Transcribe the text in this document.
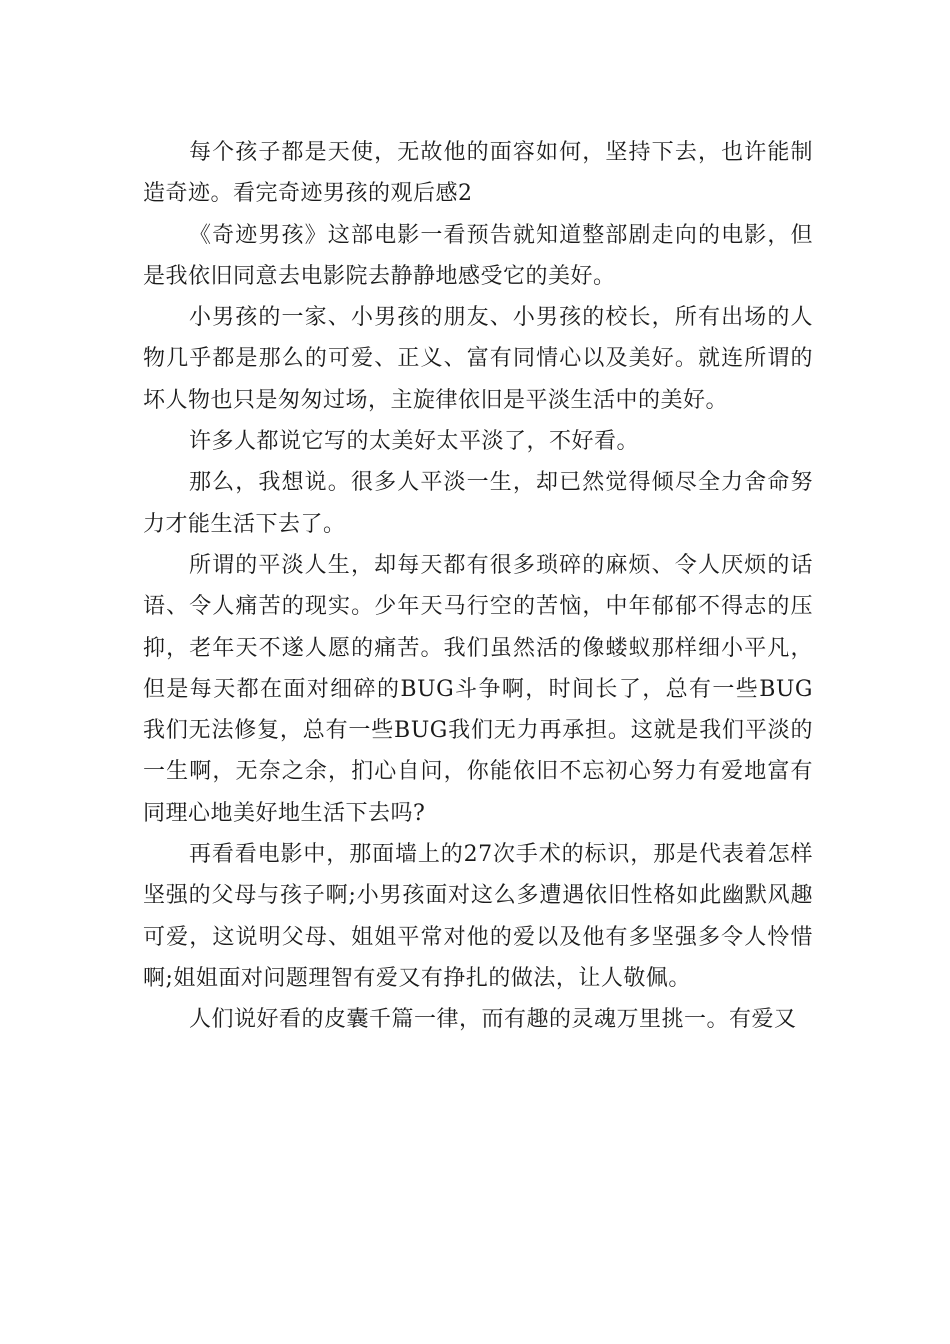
每个孩子都是天使，无故他的面容如何，坚持下去，也许能制造奇迹。看完奇迹男孩的观后感2

《奇迹男孩》这部电影一看预告就知道整部剧走向的电影，但是我依旧同意去电影院去静静地感受它的美好。

小男孩的一家、小男孩的朋友、小男孩的校长，所有出场的人物几乎都是那么的可爱、正义、富有同情心以及美好。就连所谓的坏人物也只是匆匆过场，主旋律依旧是平淡生活中的美好。

许多人都说它写的太美好太平淡了，不好看。

那么，我想说。很多人平淡一生，却已然觉得倾尽全力舍命努力才能生活下去了。

所谓的平淡人生，却每天都有很多琐碎的麻烦、令人厌烦的话语、令人痛苦的现实。少年天马行空的苦恼，中年郁郁不得志的压抑，老年天不遂人愿的痛苦。我们虽然活的像蝼蚁那样细小平凡，但是每天都在面对细碎的BUG斗争啊，时间长了，总有一些BUG我们无法修复，总有一些BUG我们无力再承担。这就是我们平淡的一生啊，无奈之余，扪心自问，你能依旧不忘初心努力有爱地富有同理心地美好地生活下去吗?

再看看电影中，那面墙上的27次手术的标识，那是代表着怎样坚强的父母与孩子啊;小男孩面对这么多遭遇依旧性格如此幽默风趣可爱，这说明父母、姐姐平常对他的爱以及他有多坚强多令人怜惜啊;姐姐面对问题理智有爱又有挣扎的做法，让人敬佩。

人们说好看的皮囊千篇一律，而有趣的灵魂万里挑一。有爱又
